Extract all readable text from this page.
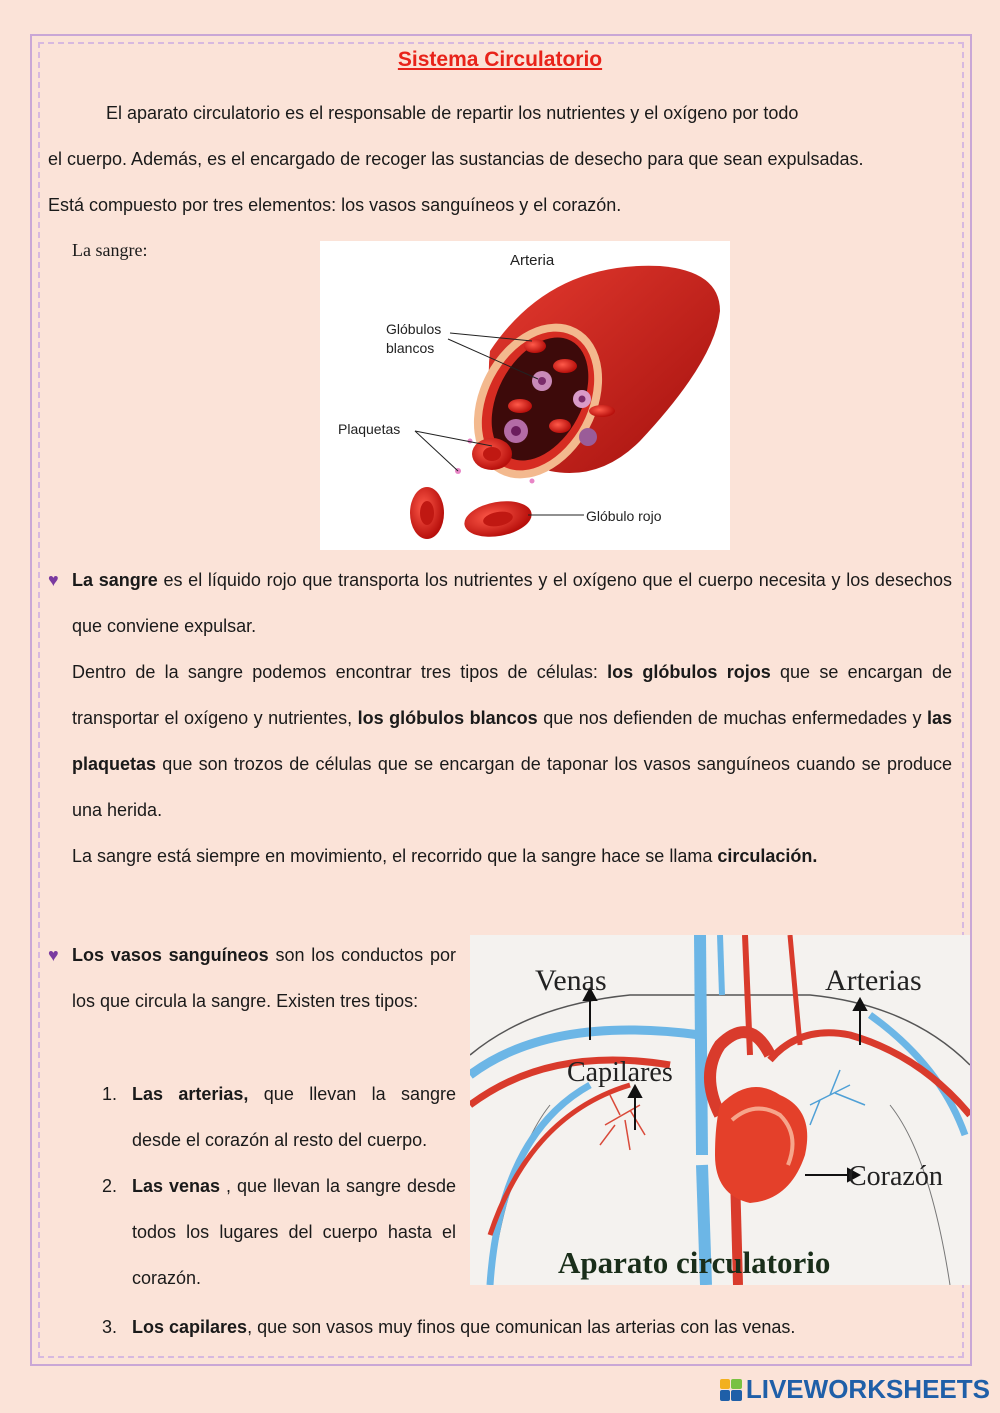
Sistema Circulatorio
El aparato circulatorio es el responsable de repartir los nutrientes y el oxígeno por todo
el cuerpo. Además, es el encargado de recoger las sustancias de desecho para que sean expulsadas.
Está compuesto por tres elementos: los vasos sanguíneos y el corazón.
La sangre:
Arteria
Glóbulos
blancos
Plaquetas
Glóbulo rojo
♥ La sangre es el líquido rojo que transporta los nutrientes y el oxígeno que el cuerpo necesita y los desechos que conviene expulsar.
Dentro de la sangre podemos encontrar tres tipos de células: los glóbulos rojos que se encargan de transportar el oxígeno y nutrientes, los glóbulos blancos que nos defienden de muchas enfermedades y las plaquetas que son trozos de células que se encargan de taponar los vasos sanguíneos cuando se produce una herida.
La sangre está siempre en movimiento, el recorrido que la sangre hace se llama circulación.
Venas	Arterias
Capilares
Corazón
Aparato circulatorio
♥ Los vasos sanguíneos son los conductos por los que circula la sangre. Existen tres tipos:
1. Las arterias, que llevan la sangre desde el corazón al resto del cuerpo.
2. Las venas , que llevan la sangre desde todos los lugares del cuerpo hasta el corazón.
3. Los capilares, que son vasos muy finos que comunican las arterias con las venas.
LIVEWORKSHEETS
